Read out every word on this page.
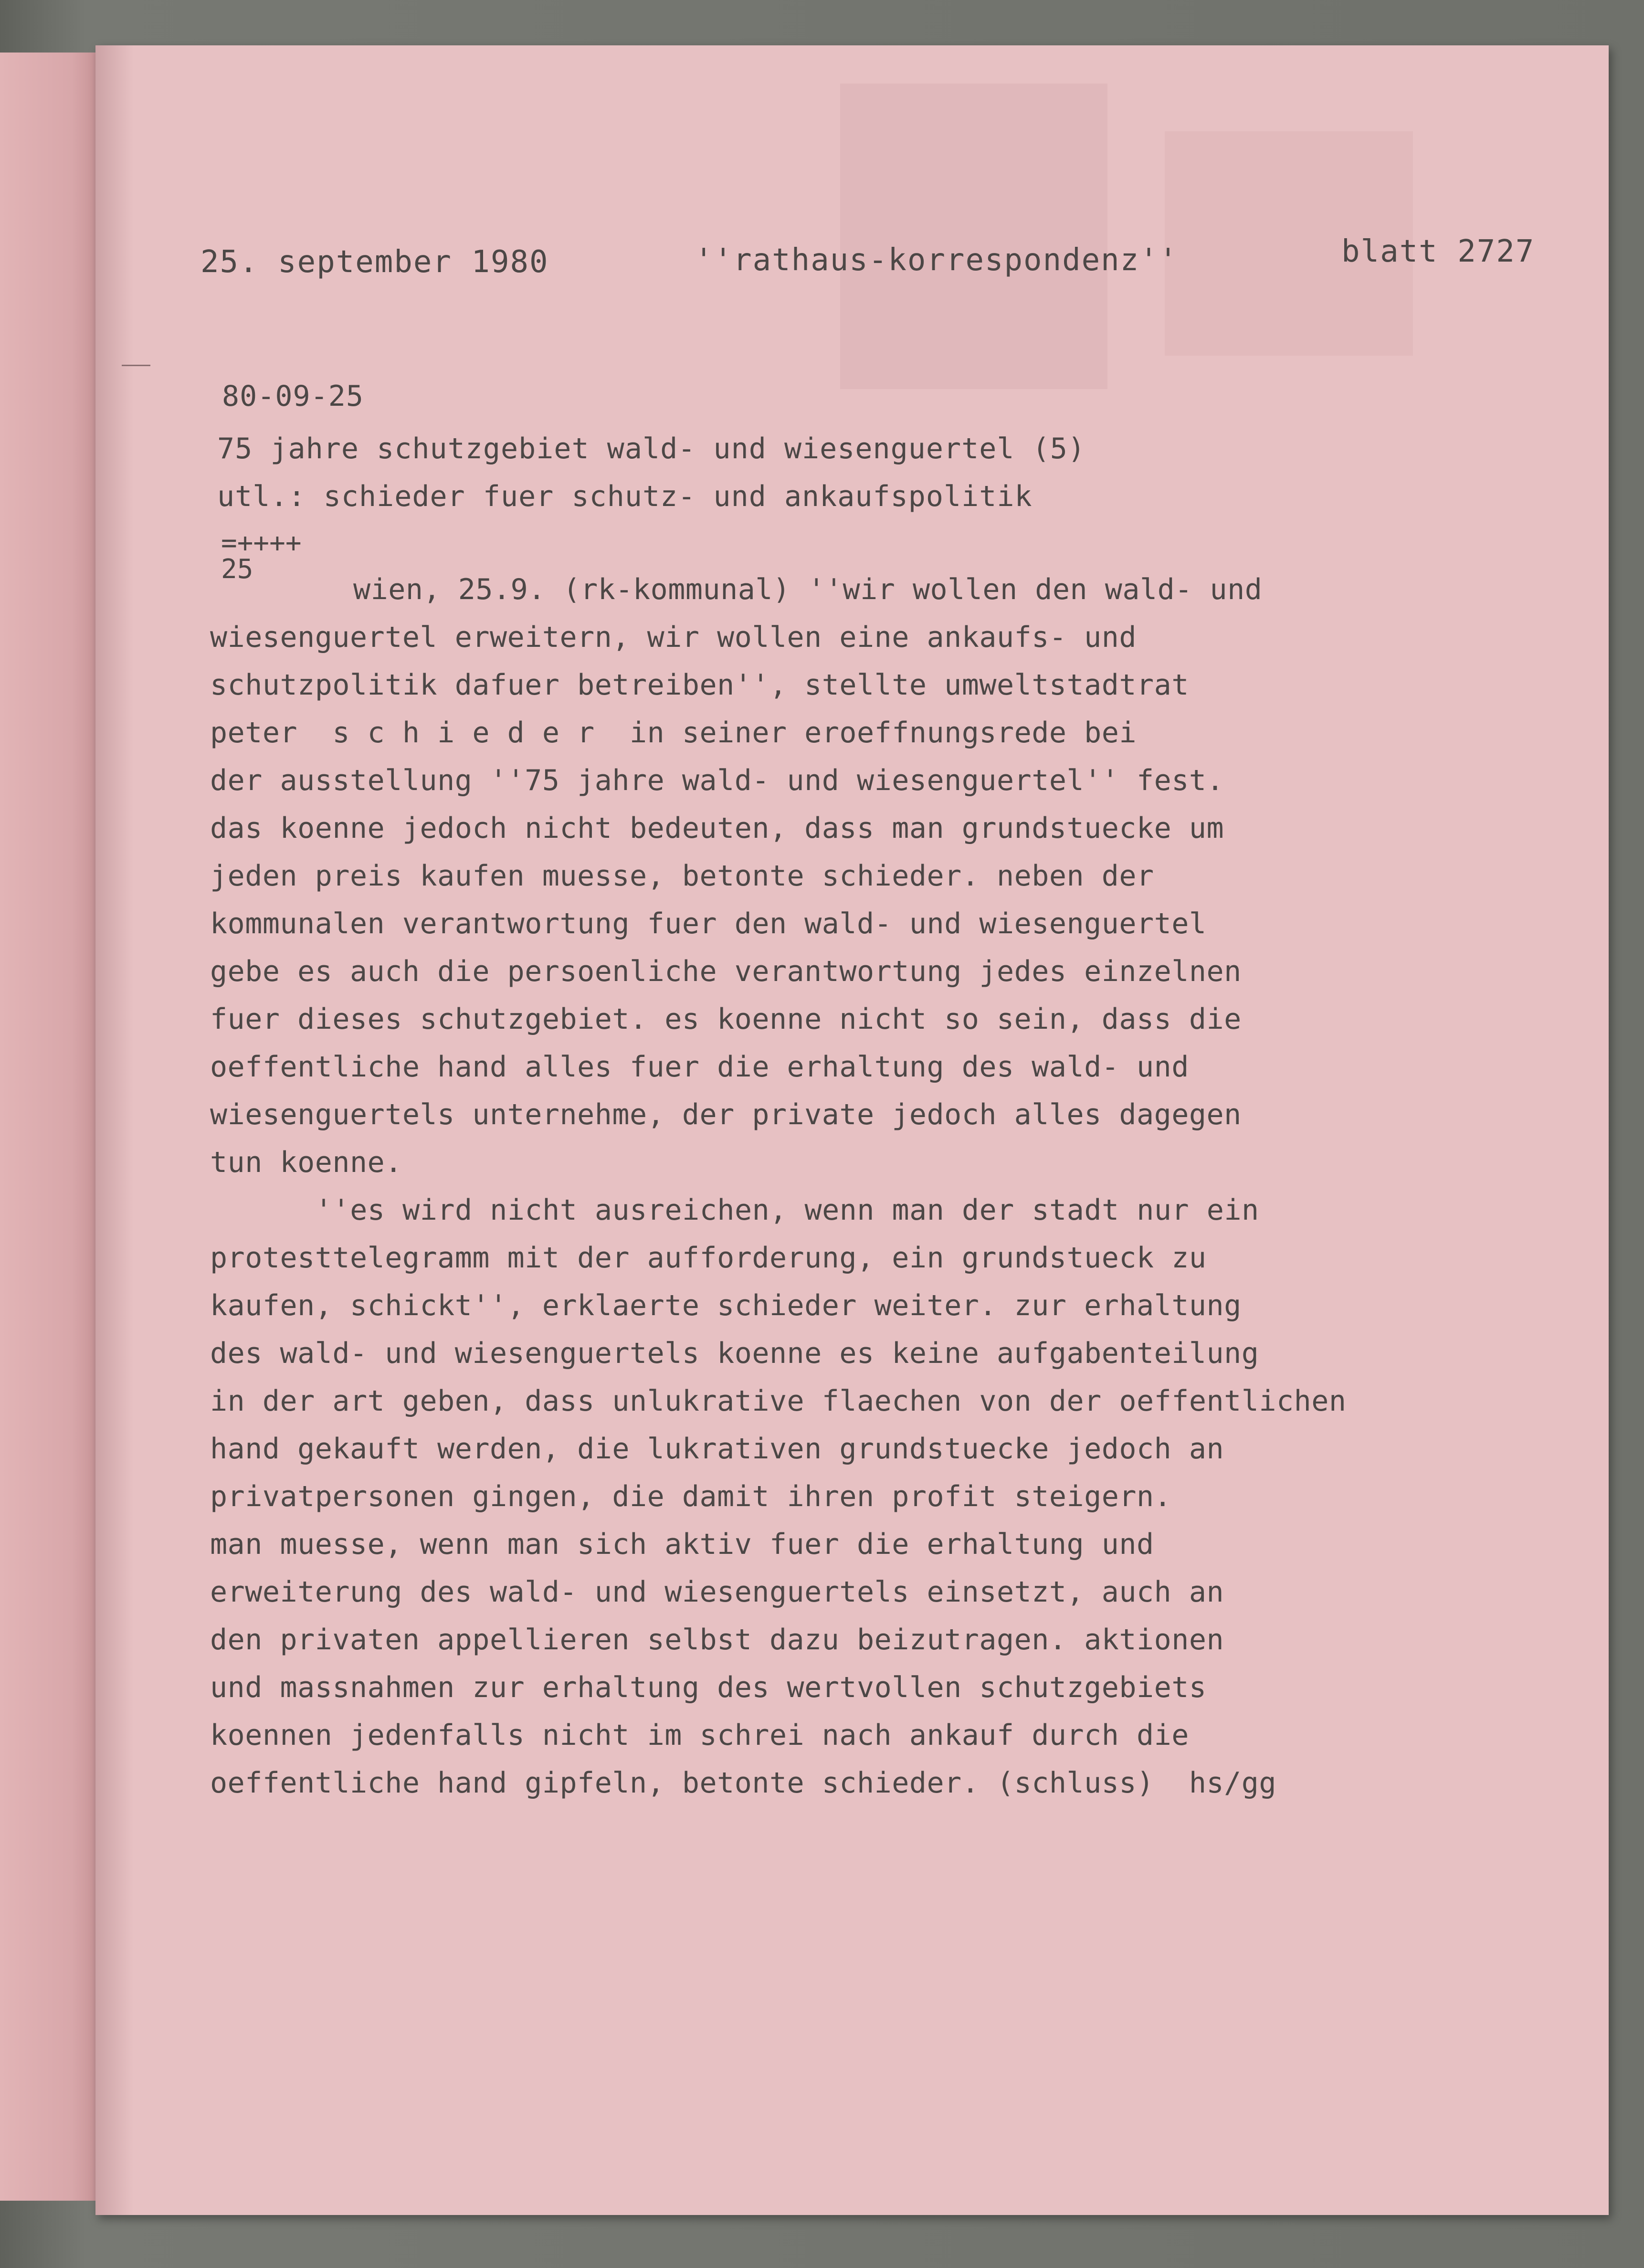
25. september 1980	''rathaus-korrespondenz''	blatt 2727

80-09-25

75 jahre schutzgebiet wald- und wiesenguertel (5)

utl.: schieder fuer schutz- und ankaufspolitik

=++++

25

wien, 25.9. (rk-kommunal) ''wir wollen den wald- und

wiesenguertel erweitern, wir wollen eine ankaufs- und

schutzpolitik dafuer betreiben'', stellte umweltstadtrat

peter  s c h i e d e r  in seiner eroeffnungsrede bei

der ausstellung ''75 jahre wald- und wiesenguertel'' fest.

das koenne jedoch nicht bedeuten, dass man grundstuecke um

jeden preis kaufen muesse, betonte schieder. neben der

kommunalen verantwortung fuer den wald- und wiesenguertel

gebe es auch die persoenliche verantwortung jedes einzelnen

fuer dieses schutzgebiet. es koenne nicht so sein, dass die

oeffentliche hand alles fuer die erhaltung des wald- und

wiesenguertels unternehme, der private jedoch alles dagegen

tun koenne.

''es wird nicht ausreichen, wenn man der stadt nur ein

protesttelegramm mit der aufforderung, ein grundstueck zu

kaufen, schickt'', erklaerte schieder weiter. zur erhaltung

des wald- und wiesenguertels koenne es keine aufgabenteilung

in der art geben, dass unlukrative flaechen von der oeffentlichen

hand gekauft werden, die lukrativen grundstuecke jedoch an

privatpersonen gingen, die damit ihren profit steigern.

man muesse, wenn man sich aktiv fuer die erhaltung und

erweiterung des wald- und wiesenguertels einsetzt, auch an

den privaten appellieren selbst dazu beizutragen. aktionen

und massnahmen zur erhaltung des wertvollen schutzgebiets

koennen jedenfalls nicht im schrei nach ankauf durch die

oeffentliche hand gipfeln, betonte schieder. (schluss)  hs/gg
